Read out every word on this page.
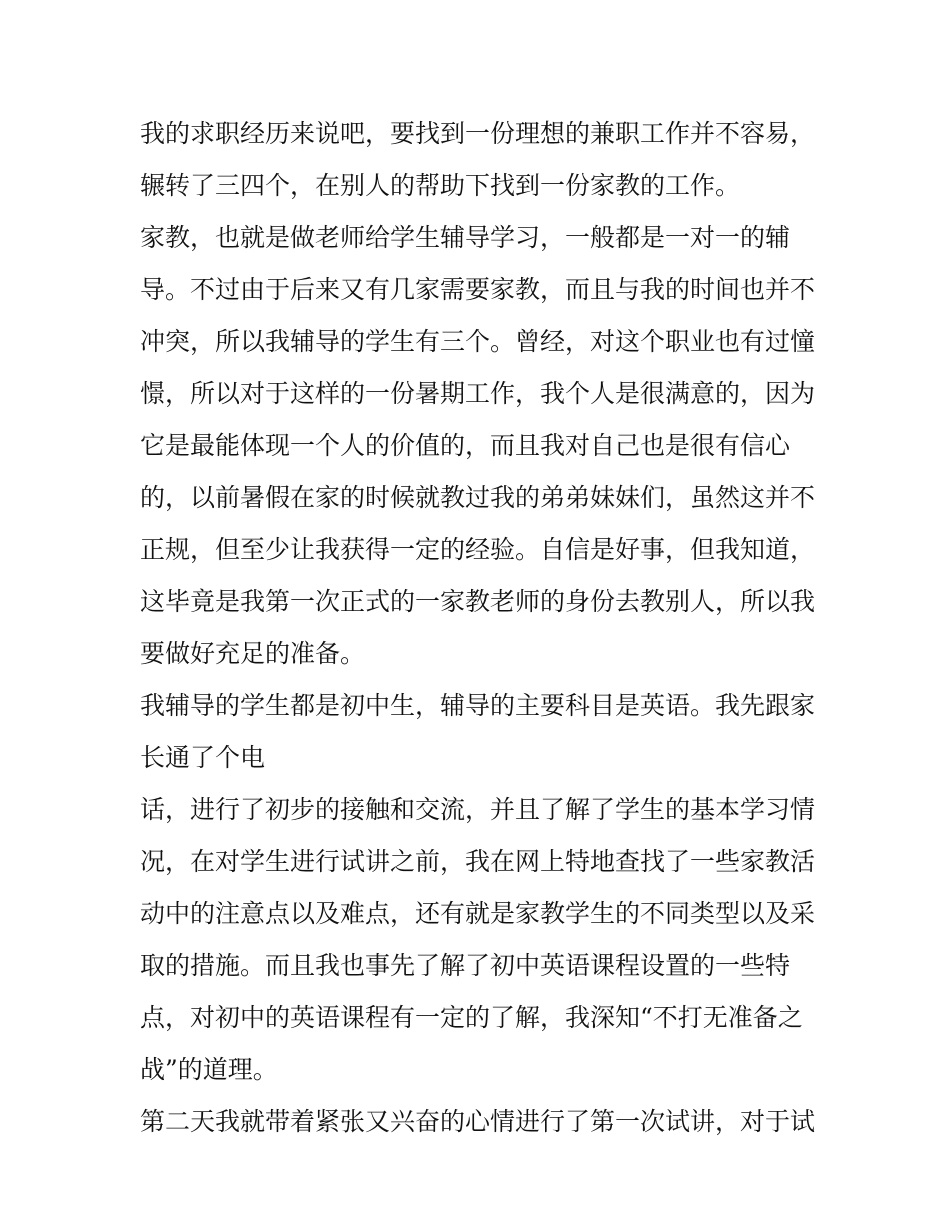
我的求职经历来说吧，要找到一份理想的兼职工作并不容易，
辗转了三四个，在别人的帮助下找到一份家教的工作。
家教，也就是做老师给学生辅导学习，一般都是一对一的辅
导。不过由于后来又有几家需要家教，而且与我的时间也并不
冲突，所以我辅导的学生有三个。曾经，对这个职业也有过憧
憬，所以对于这样的一份暑期工作，我个人是很满意的，因为
它是最能体现一个人的价值的，而且我对自己也是很有信心
的，以前暑假在家的时候就教过我的弟弟妹妹们，虽然这并不
正规，但至少让我获得一定的经验。自信是好事，但我知道，
这毕竟是我第一次正式的一家教老师的身份去教别人，所以我
要做好充足的准备。
我辅导的学生都是初中生，辅导的主要科目是英语。我先跟家
长通了个电
话，进行了初步的接触和交流，并且了解了学生的基本学习情
况，在对学生进行试讲之前，我在网上特地查找了一些家教活
动中的注意点以及难点，还有就是家教学生的不同类型以及采
取的措施。而且我也事先了解了初中英语课程设置的一些特
点，对初中的英语课程有一定的了解，我深知“不打无准备之
战”的道理。
第二天我就带着紧张又兴奋的心情进行了第一次试讲，对于试
